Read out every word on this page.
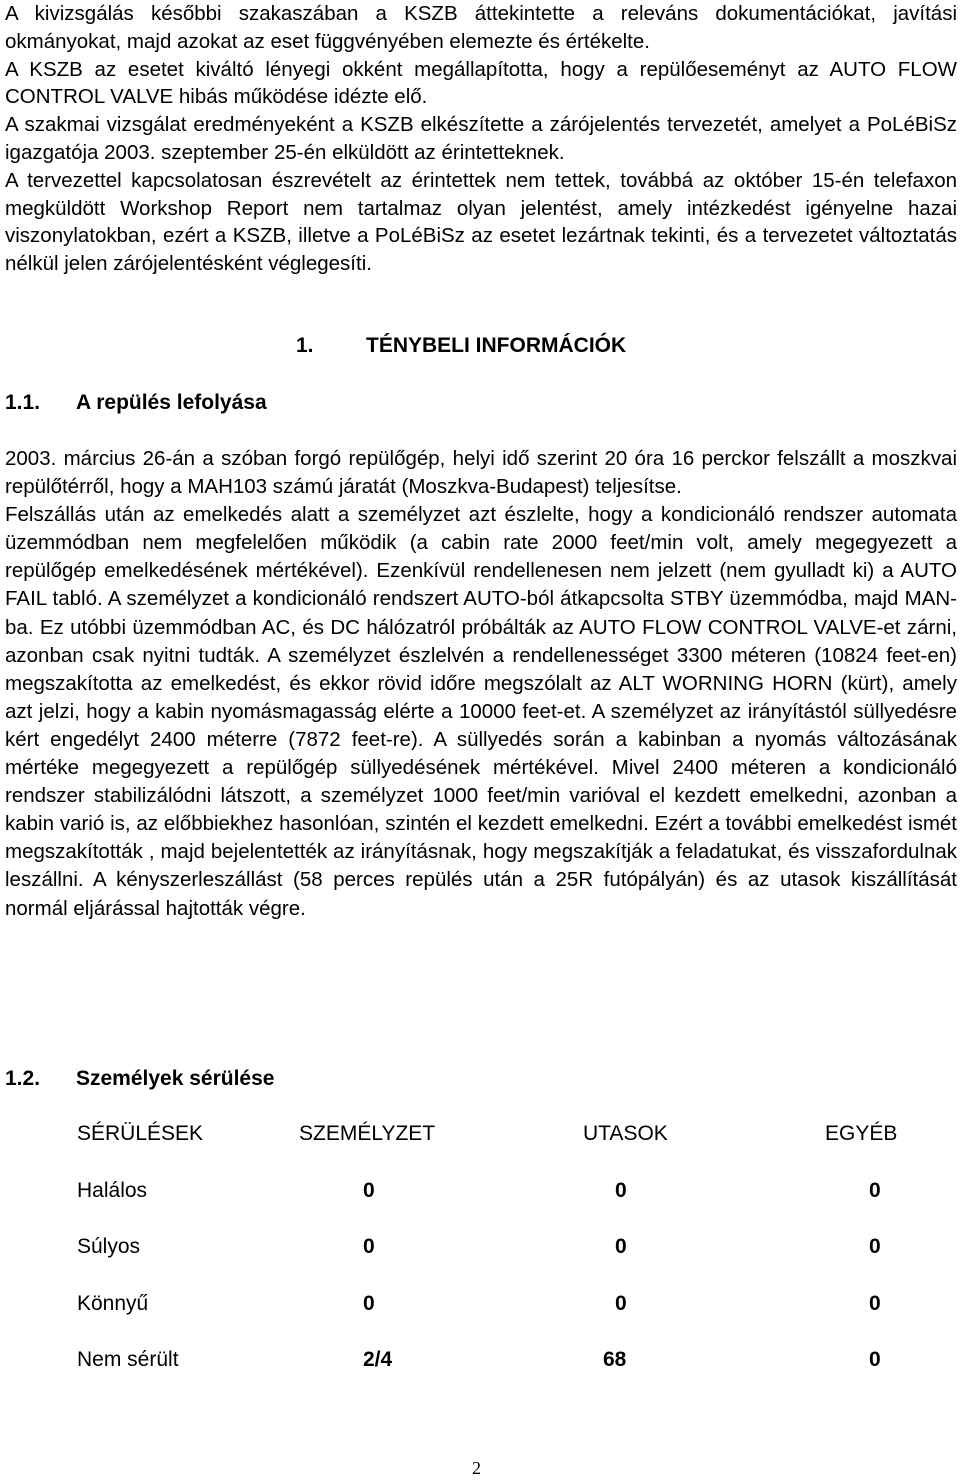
A kivizsgálás későbbi szakaszában a KSZB áttekintette a releváns dokumentációkat, javítási okmányokat, majd azokat az eset függvényében elemezte és értékelte.

A KSZB az esetet kiváltó lényegi okként megállapította, hogy a repülőeseményt az AUTO FLOW CONTROL VALVE hibás működése idézte elő.

A szakmai vizsgálat eredményeként a KSZB elkészítette a zárójelentés tervezetét, amelyet a PoLéBiSz igazgatója 2003. szeptember 25-én elküldött az érintetteknek.

A tervezettel kapcsolatosan észrevételt az érintettek nem tettek, továbbá az október 15-én telefaxon megküldött Workshop Report nem tartalmaz olyan jelentést, amely intézkedést igényelne hazai viszonylatokban, ezért a KSZB, illetve a PoLéBiSz az esetet lezártnak tekinti, és a tervezetet változtatás nélkül jelen zárójelentésként véglegesíti.

1. TÉNYBELI INFORMÁCIÓK
1.1. A repülés lefolyása

2003. március 26-án a szóban forgó repülőgép, helyi idő szerint 20 óra 16 perckor felszállt a moszkvai repülőtérről, hogy a MAH103 számú járatát (Moszkva-Budapest) teljesítse.

Felszállás után az emelkedés alatt a személyzet azt észlelte, hogy a kondicionáló rendszer automata üzemmódban nem megfelelően működik (a cabin rate 2000 feet/min volt, amely megegyezett a repülőgép emelkedésének mértékével). Ezenkívül rendellenesen nem jelzett (nem gyulladt ki) a AUTO FAIL tabló. A személyzet a kondicionáló rendszert AUTO-ból átkapcsolta STBY üzemmódba, majd MAN-ba. Ez utóbbi üzemmódban AC, és DC hálózatról próbálták az AUTO FLOW CONTROL VALVE-et zárni, azonban csak nyitni tudták. A személyzet észlelvén a rendellenességet 3300 méteren (10824 feet-en) megszakította az emelkedést, és ekkor rövid időre megszólalt az ALT WORNING HORN (kürt), amely azt jelzi, hogy a kabin nyomásmagasság elérte a 10000 feet-et. A személyzet az irányítástól süllyedésre kért engedélyt 2400 méterre (7872 feet-re). A süllyedés során a kabinban a nyomás változásának mértéke megegyezett a repülőgép süllyedésének mértékével. Mivel 2400 méteren a kondicionáló rendszer stabilizálódni látszott, a személyzet 1000 feet/min varióval el kezdett emelkedni, azonban a kabin varió is, az előbbiekhez hasonlóan, szintén el kezdett emelkedni. Ezért a további emelkedést ismét megszakították , majd bejelentették az irányításnak, hogy megszakítják a feladatukat, és visszafordulnak leszállni. A kényszerleszállást (58 perces repülés után a 25R futópályán) és az utasok kiszállítását normál eljárással hajtották végre.

1.2. Személyek sérülése
SÉRÜLÉSEK	SZEMÉLYZET	UTASOK	EGYÉB
Halálos	0	0	0
Súlyos	0	0	0
Könnyű	0	0	0
Nem sérült	2/4	68	0
2
